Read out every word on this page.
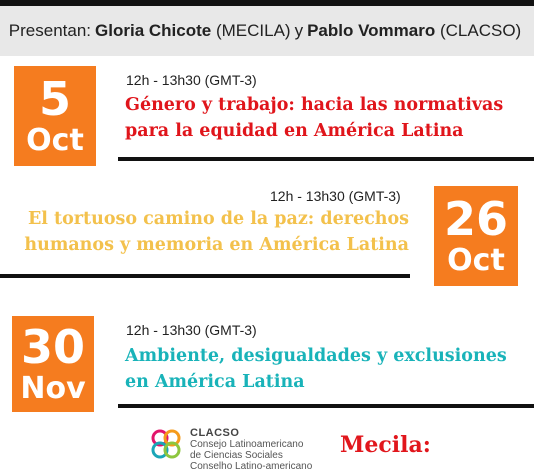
Presentan: Gloria Chicote
(MECILA) y Pablo Vommaro
(CLACSO)
5
Oct
12h - 13h30 (GMT-3)
Género y trabajo: hacia las normativas
para la equidad en América Latina
26
Oct
12h - 13h30 (GMT-3)
El tortuoso camino de la paz: derechos
humanos y memoria en América Latina
30
Nov
12h - 13h30 (GMT-3)
Ambiente, desigualdades y exclusiones
en América Latina
CLACSO
Consejo Latinoamericano
de Ciencias Sociales
Conselho Latino-americano
Mecila:
